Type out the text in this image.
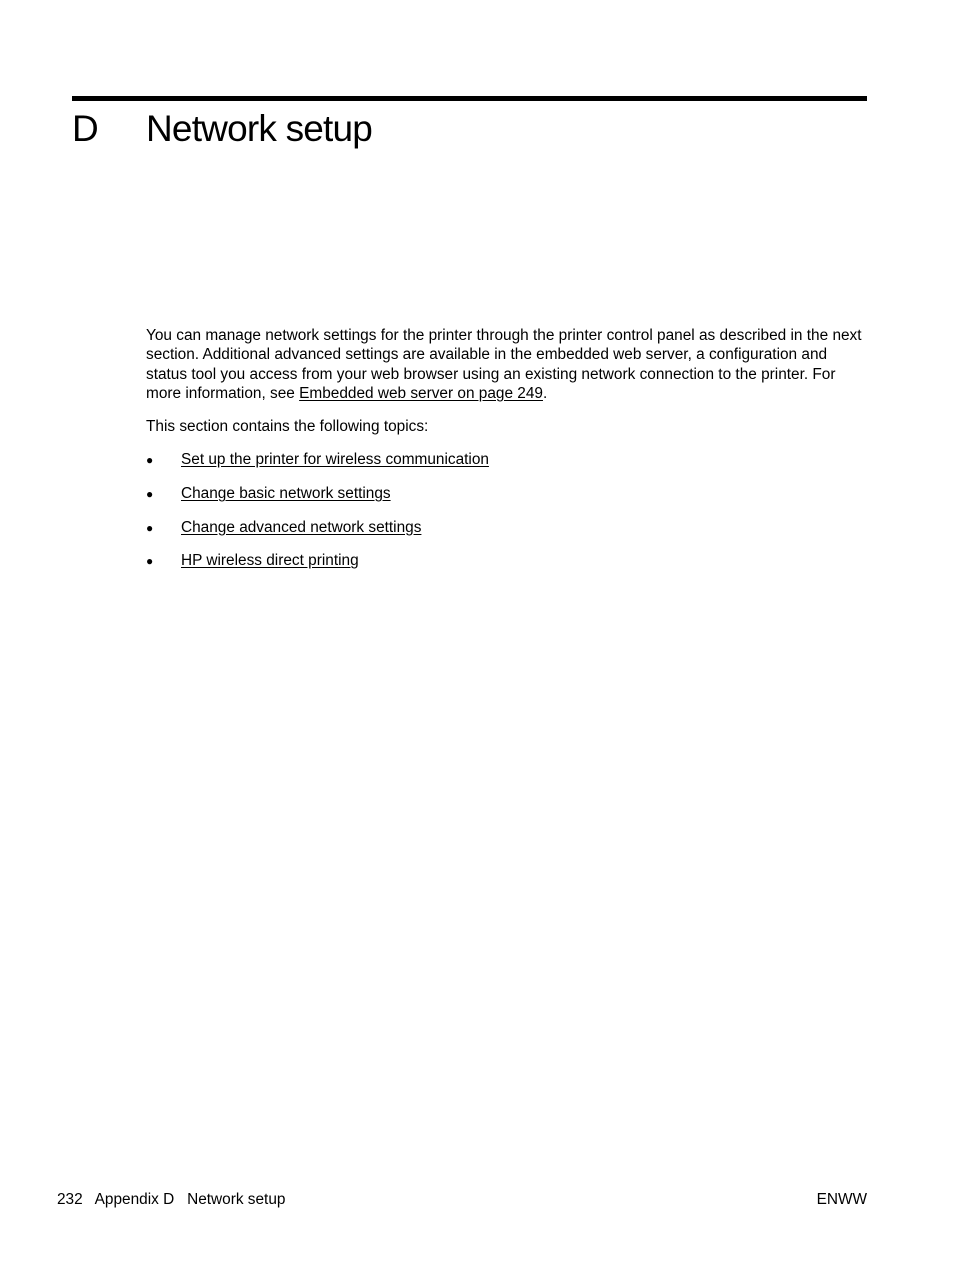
D Network setup

You can manage network settings for the printer through the printer control panel as described in the next section. Additional advanced settings are available in the embedded web server, a configuration and status tool you access from your web browser using an existing network connection to the printer. For more information, see Embedded web server on page 249.

This section contains the following topics:

● Set up the printer for wireless communication
● Change basic network settings
● Change advanced network settings
● HP wireless direct printing
232 Appendix D Network setup	ENWW
